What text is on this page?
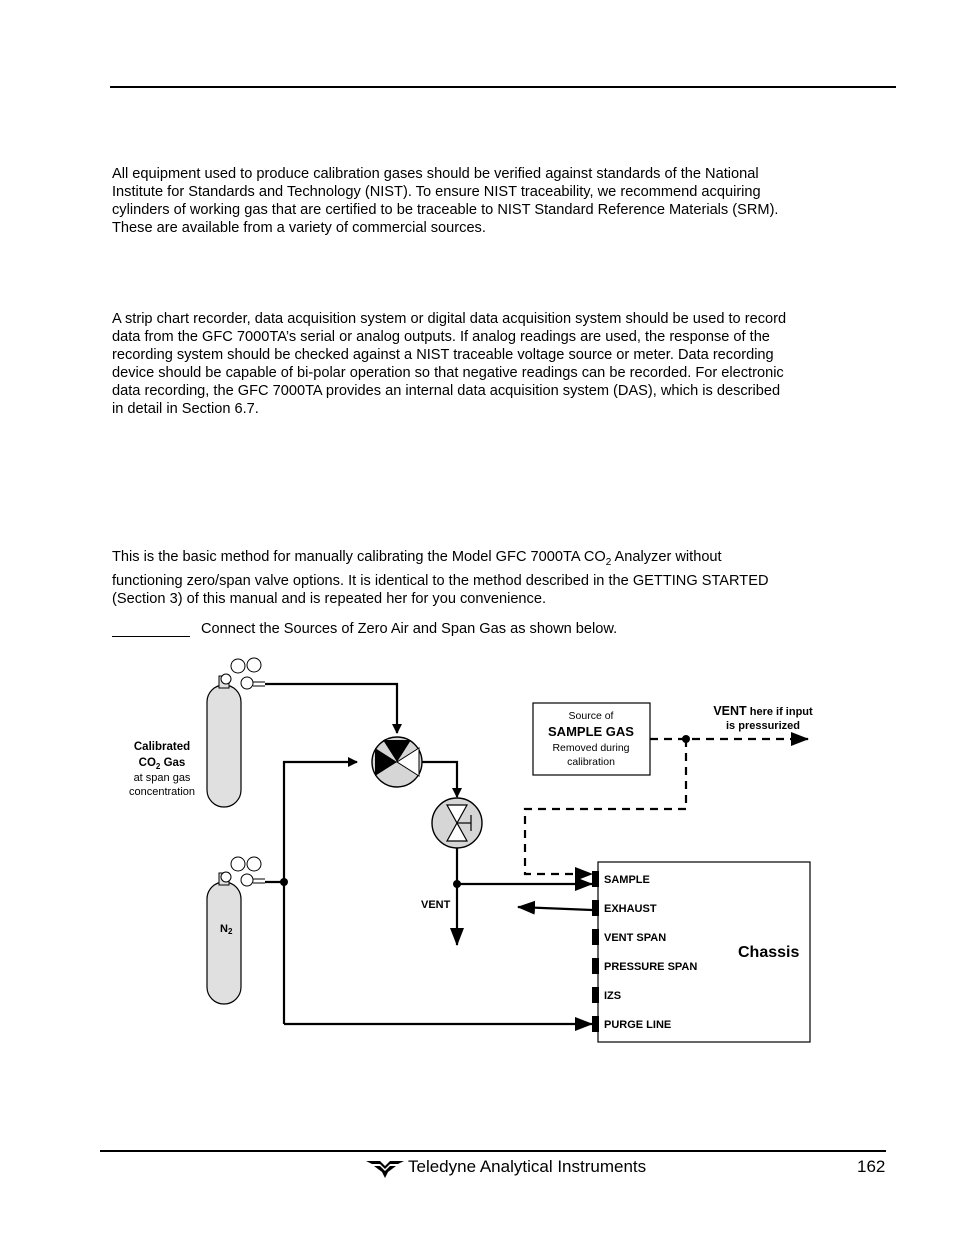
All equipment used to produce calibration gases should be verified against standards of the National

Institute for Standards and Technology (NIST). To ensure NIST traceability, we recommend acquiring

cylinders of working gas that are certified to be traceable to NIST Standard Reference Materials (SRM).

These are available from a variety of commercial sources.

A strip chart recorder, data acquisition system or digital data acquisition system should be used to record

data from the GFC 7000TA’s serial or analog outputs. If analog readings are used, the response of the

recording system should be checked against a NIST traceable voltage source or meter. Data recording

device should be capable of bi-polar operation so that negative readings can be recorded. For electronic

data recording, the GFC 7000TA provides an internal data acquisition system (DAS), which is described

in detail in Section 6.7.

This is the basic method for manually calibrating the Model GFC 7000TA $CO_2$ Analyzer without

functioning zero/span valve options. It is identical to the method described in the GETTING STARTED

(Section 3) of this manual and is repeated her for you convenience.

Connect the Sources of Zero Air and Span Gas as shown below.
Calibrated
$CO_2$ Gas
at span gas
concentration
N2
VENT
Source of
SAMPLE GAS
Removed during
calibration
VENT here if input
is pressurized
SAMPLE
EXHAUST
VENT SPAN
PRESSURE SPAN
IZS
PURGE LINE
Chassis
Teledyne Analytical Instruments	162
